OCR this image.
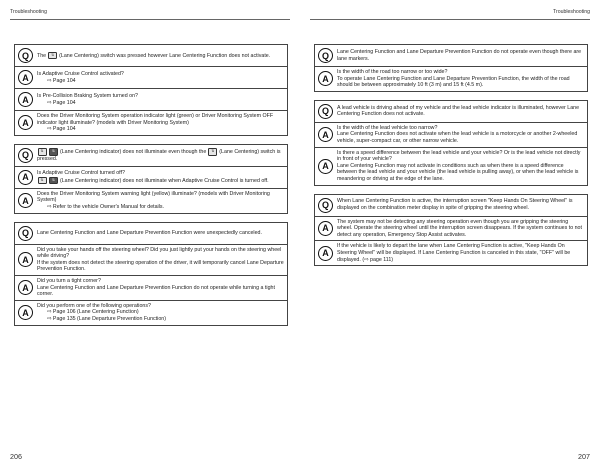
Troubleshooting	Troubleshooting
Q	The ⇅ (Lane Centering) switch was pressed however Lane Centering Function does not activate.
A	Is Adaptive Cruise Control activated?
⇨ Page 104
A	Is Pre-Collision Braking System turned on?
⇨ Page 104
A
Does the Driver Monitoring System operation indicator light (green) or Driver Monitoring System OFF indicator light illuminate? (models with Driver Monitoring System)
⇨ Page 104
Q	⇅ ⇅ (Lane Centering indicator) does not illuminate even though the ⇅ (Lane Centering) switch is pressed.
A	Is Adaptive Cruise Control turned off?
⇅ ⇅ (Lane Centering indicator) does not illuminate when Adaptive Cruise Control is turned off.
A
Does the Driver Monitoring System warning light (yellow) illuminate? (models with Driver Monitoring System)
⇨ Refer to the vehicle Owner's Manual for details.
Q	Lane Centering Function and Lane Departure Prevention Function were unexpectedly canceled.
A
Did you take your hands off the steering wheel? Did you just lightly put your hands on the steering wheel while driving?
If the system does not detect the steering operation of the driver, it will temporarily cancel Lane Departure Prevention Function.
A
Did you turn a tight corner?
Lane Centering Function and Lane Departure Prevention Function do not operate while turning a tight corner.
A
Did you perform one of the following operations?
⇨ Page 106 (Lane Centering Function)
⇨ Page 135 (Lane Departure Prevention Function)
Q	Lane Centering Function and Lane Departure Prevention Function do not operate even though there are lane markers.
A
Is the width of the road too narrow or too wide?
To operate Lane Centering Function and Lane Departure Prevention Function, the width of the road should be between approximately 10 ft (3 m) and 15 ft (4.5 m).
Q	A lead vehicle is driving ahead of my vehicle and the lead vehicle indicator is illuminated, however Lane Centering Function does not activate.
A
Is the width of the lead vehicle too narrow?
Lane Centering Function does not activate when the lead vehicle is a motorcycle or another 2-wheeled vehicle, super-compact car, or other narrow vehicle.
A
Is there a speed difference between the lead vehicle and your vehicle? Or is the lead vehicle not directly in front of your vehicle?
Lane Centering Function may not activate in conditions such as when there is a speed difference between the lead vehicle and your vehicle (the lead vehicle is pulling away), or when the lead vehicle is meandering or driving at the edge of the lane.
Q	When Lane Centering Function is active, the interruption screen "Keep Hands On Steering Wheel" is displayed on the combination meter display in spite of gripping the steering wheel.
A
The system may not be detecting any steering operation even though you are gripping the steering wheel. Operate the steering wheel until the interruption screen disappears. If the system continues to not detect any operation, Emergency Stop Assist activates.
A
If the vehicle is likely to depart the lane when Lane Centering Function is active, "Keep Hands On Steering Wheel" will be displayed. If Lane Centering Function is canceled in this state, "OFF" will be displayed. (⇨ page 111)
206	207
